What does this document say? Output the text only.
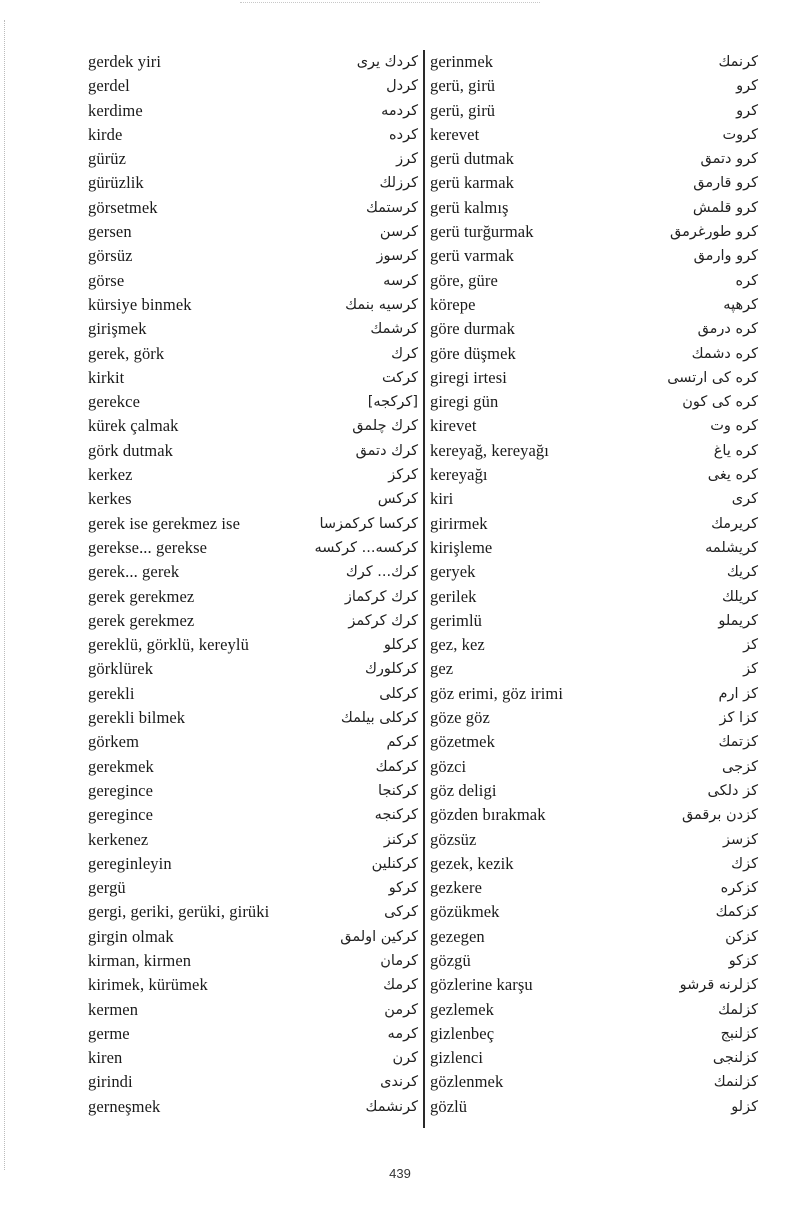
gerdek yiri	كردك يرى
gerdel	كردل
kerdime	كردمه
kirde	كرده
gürüz	كرز
gürüzlik	كرزلك
görsetmek	كرستمك
gersen	كرسن
görsüz	كرسوز
görse	كرسه
kürsiye binmek	كرسيه بنمك
girişmek	كرشمك
gerek, görk	كرك
kirkit	كركت
gerekce	[كركجه]
kürek çalmak	كرك چلمق
görk dutmak	كرك دتمق
kerkez	كركز
kerkes	كركس
gerek ise gerekmez ise	كركسا كركمزسا
gerekse... gerekse	كركسه... كركسه
gerek... gerek	كرك... كرك
gerek gerekmez	كرك كركماز
gerek gerekmez	كرك كركمز
gereklü, görklü, kereylü	كركلو
görklürek	كركلورك
gerekli	كركلى
gerekli bilmek	كركلى بيلمك
görkem	كركم
gerekmek	كركمك
geregince	كركنجا
geregince	كركنجه
kerkenez	كركنز
gereginleyin	كركنلين
gergü	كركو
gergi, geriki, gerüki, girüki	كركى
girgin olmak	كركين اولمق
kirman, kirmen	كرمان
kirimek, kürümek	كرمك
kermen	كرمن
germe	كرمه
kiren	كرن
girindi	كرندى
gerneşmek	كرنشمك
gerinmek	كرنمك
gerü, girü	كرو
gerü, girü	كرو
kerevet	كروت
gerü dutmak	كرو دتمق
gerü karmak	كرو قارمق
gerü kalmış	كرو قلمش
gerü turğurmak	كرو طورغرمق
gerü varmak	كرو وارمق
göre, güre	كره
körepe	كرهپه
göre durmak	كره درمق
göre düşmek	كره دشمك
giregi irtesi	كره كى ارتسى
giregi gün	كره كى كون
kirevet	كره وت
kereyağ, kereyağı	كره ياغ
kereyağı	كره يغى
kiri	كرى
girirmek	كريرمك
kirişleme	كريشلمه
geryek	كريك
gerilek	كريلك
gerimlü	كريملو
gez, kez	كز
gez	كز
göz erimi, göz irimi	كز ارم
göze göz	كزا كز
gözetmek	كزتمك
gözci	كزجى
göz deligi	كز دلكى
gözden bırakmak	كزدن برقمق
gözsüz	كزسز
gezek, kezik	كزك
gezkere	كزكره
gözükmek	كزكمك
gezegen	كزكن
gözgü	كزكو
gözlerine karşu	كزلرنه قرشو
gezlemek	كزلمك
gizlenbeç	كزلنبج
gizlenci	كزلنجى
gözlenmek	كزلنمك
gözlü	كزلو
439
